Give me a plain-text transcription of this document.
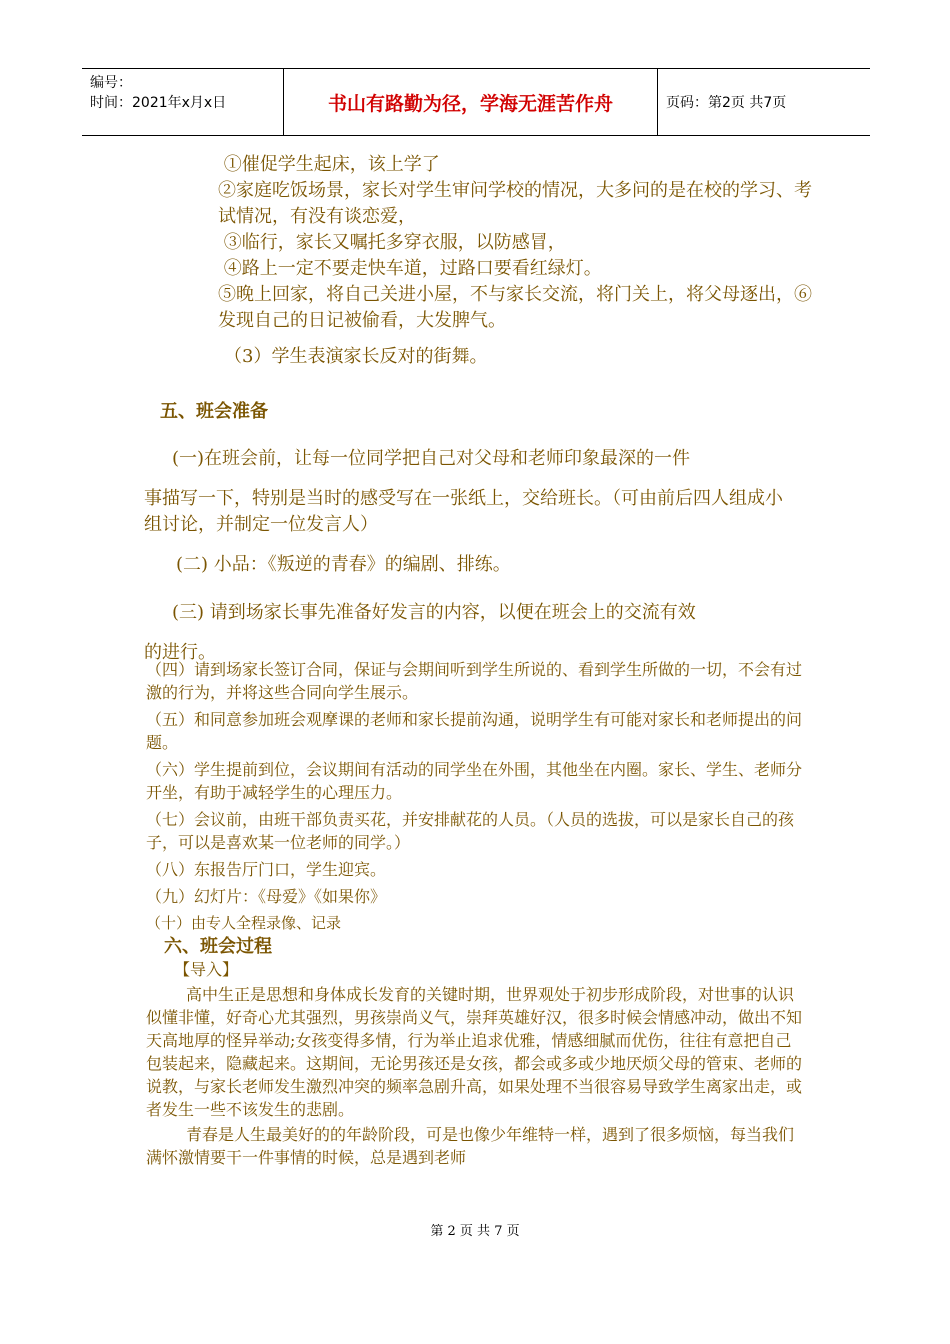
编号：
时间：2021年x月x日	书山有路勤为径，学海无涯苦作舟	页码：第2页 共7页

①催促学生起床，该上学了

②家庭吃饭场景，家长对学生审问学校的情况，大多问的是在校的学习、考试情况，有没有谈恋爱，

③临行，家长又嘱托多穿衣服，以防感冒，

④路上一定不要走快车道，过路口要看红绿灯。

⑤晚上回家，将自己关进小屋，不与家长交流，将门关上，将父母逐出，⑥发现自己的日记被偷看，大发脾气。

（3）学生表演家长反对的街舞。

五、班会准备

(一)在班会前，让每一位同学把自己对父母和老师印象最深的一件

事描写一下，特别是当时的感受写在一张纸上，交给班长。（可由前后四人组成小组讨论，并制定一位发言人）

(二) 小品：《叛逆的青春》的编剧、排练。

(三) 请到场家长事先准备好发言的内容，以便在班会上的交流有效

的进行。

（四）请到场家长签订合同，保证与会期间听到学生所说的、看到学生所做的一切，不会有过激的行为，并将这些合同向学生展示。

（五）和同意参加班会观摩课的老师和家长提前沟通，说明学生有可能对家长和老师提出的问题。

（六）学生提前到位，会议期间有活动的同学坐在外围，其他坐在内圈。家长、学生、老师分开坐，有助于减轻学生的心理压力。

（七）会议前，由班干部负责买花，并安排献花的人员。（人员的选拔，可以是家长自己的孩子，可以是喜欢某一位老师的同学。）

（八）东报告厅门口，学生迎宾。

（九）幻灯片：《母爱》《如果你》

（十）由专人全程录像、记录

六、班会过程

【导入】

高中生正是思想和身体成长发育的关键时期，世界观处于初步形成阶段，对世事的认识似懂非懂，好奇心尤其强烈，男孩崇尚义气，崇拜英雄好汉，很多时候会情感冲动，做出不知天高地厚的怪异举动;女孩变得多情，行为举止追求优雅，情感细腻而优伤，往往有意把自己包装起来，隐藏起来。这期间，无论男孩还是女孩，都会或多或少地厌烦父母的管束、老师的说教，与家长老师发生激烈冲突的频率急剧升高，如果处理不当很容易导致学生离家出走，或者发生一些不该发生的悲剧。

青春是人生最美好的的年龄阶段，可是也像少年维特一样，遇到了很多烦恼，每当我们满怀激情要干一件事情的时候，总是遇到老师

第 2 页 共 7 页
